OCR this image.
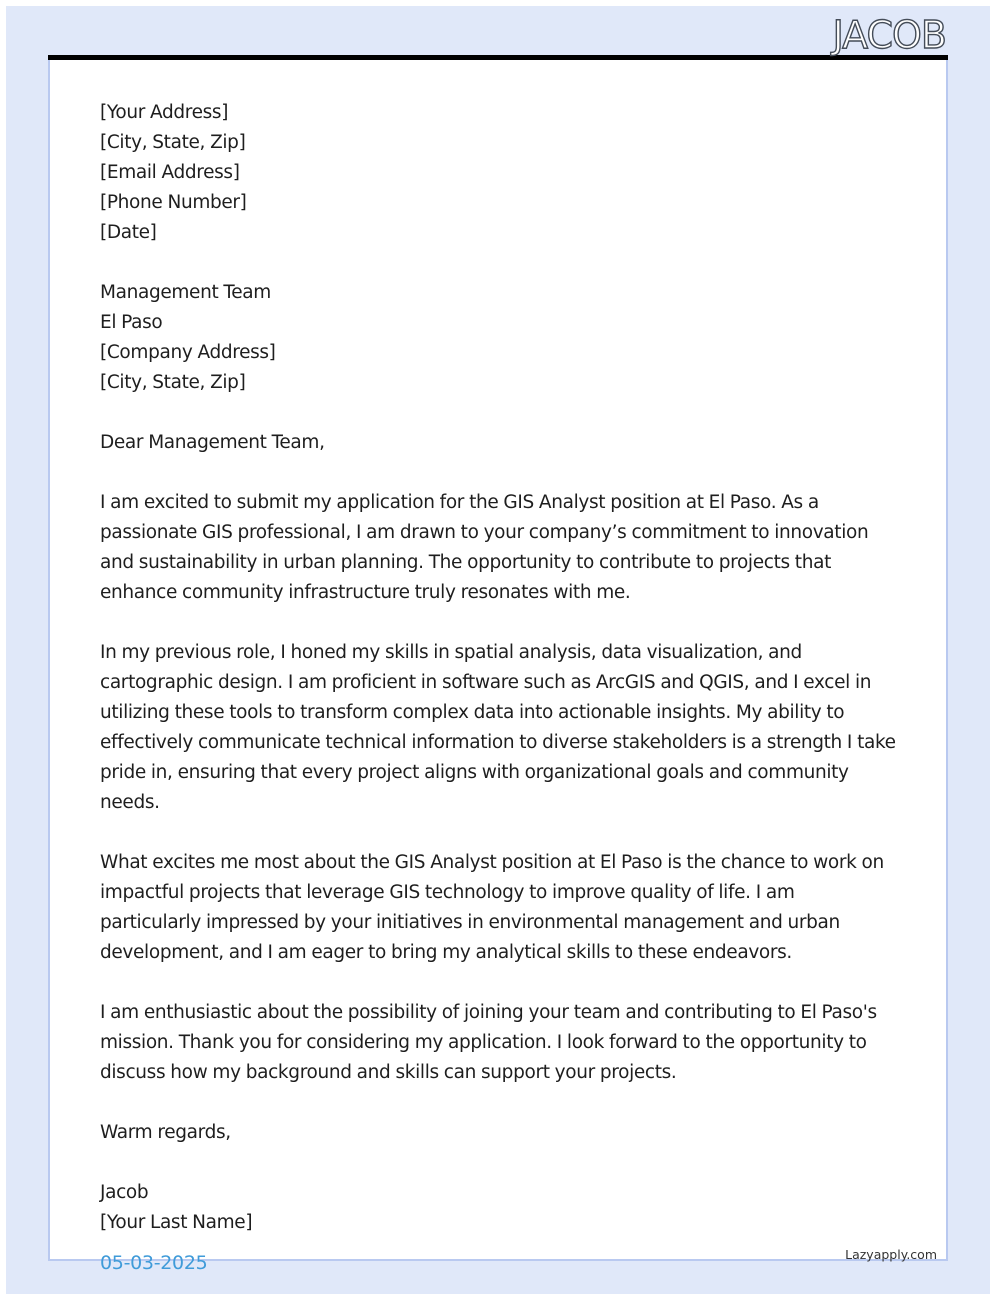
JACOB
[Your Address]
[City, State, Zip]
[Email Address]
[Phone Number]
[Date]
Management Team
El Paso
[Company Address]
[City, State, Zip]
Dear Management Team,

I am excited to submit my application for the GIS Analyst position at El Paso. As a passionate GIS professional, I am drawn to your company’s commitment to innovation and sustainability in urban planning. The opportunity to contribute to projects that enhance community infrastructure truly resonates with me.

In my previous role, I honed my skills in spatial analysis, data visualization, and cartographic design. I am proficient in software such as ArcGIS and QGIS, and I excel in utilizing these tools to transform complex data into actionable insights. My ability to effectively communicate technical information to diverse stakeholders is a strength I take pride in, ensuring that every project aligns with organizational goals and community needs.

What excites me most about the GIS Analyst position at El Paso is the chance to work on impactful projects that leverage GIS technology to improve quality of life. I am particularly impressed by your initiatives in environmental management and urban development, and I am eager to bring my analytical skills to these endeavors.

I am enthusiastic about the possibility of joining your team and contributing to El Paso's mission. Thank you for considering my application. I look forward to the opportunity to discuss how my background and skills can support your projects.

Warm regards,
Jacob
[Your Last Name]
05-03-2025	Lazyapply.com
